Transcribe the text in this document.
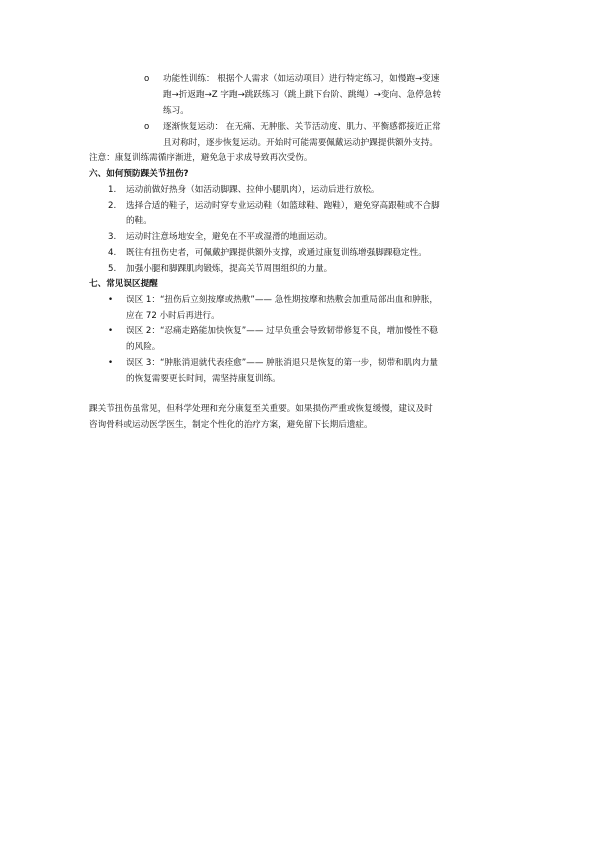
o 功能性训练： 根据个人需求（如运动项目）进行特定练习，如慢跑→变速
跑→折返跑→Z 字跑→跳跃练习（跳上跳下台阶、跳绳）→变向、急停急转
练习。
o 逐渐恢复运动： 在无痛、无肿胀、关节活动度、肌力、平衡感都接近正常
且对称时，逐步恢复运动。开始时可能需要佩戴运动护踝提供额外支持。
注意：康复训练需循序渐进，避免急于求成导致再次受伤。
六、如何预防踝关节扭伤?
1. 运动前做好热身（如活动脚踝、拉伸小腿肌肉），运动后进行放松。
2. 选择合适的鞋子，运动时穿专业运动鞋（如篮球鞋、跑鞋），避免穿高跟鞋或不合脚
的鞋。
3. 运动时注意场地安全，避免在不平或湿滑的地面运动。
4. 既往有扭伤史者，可佩戴护踝提供额外支撑，或通过康复训练增强脚踝稳定性。
5. 加强小腿和脚踝肌肉锻炼，提高关节周围组织的力量。
七、常见误区提醒
• 误区 1：“扭伤后立刻按摩或热敷”—— 急性期按摩和热敷会加重局部出血和肿胀，
应在 72 小时后再进行。
• 误区 2：“忍痛走路能加快恢复”—— 过早负重会导致韧带修复不良，增加慢性不稳
的风险。
• 误区 3：“肿胀消退就代表痊愈”—— 肿胀消退只是恢复的第一步，韧带和肌肉力量
的恢复需要更长时间，需坚持康复训练。
踝关节扭伤虽常见，但科学处理和充分康复至关重要。如果损伤严重或恢复缓慢，建议及时
咨询骨科或运动医学医生，制定个性化的治疗方案，避免留下长期后遗症。
